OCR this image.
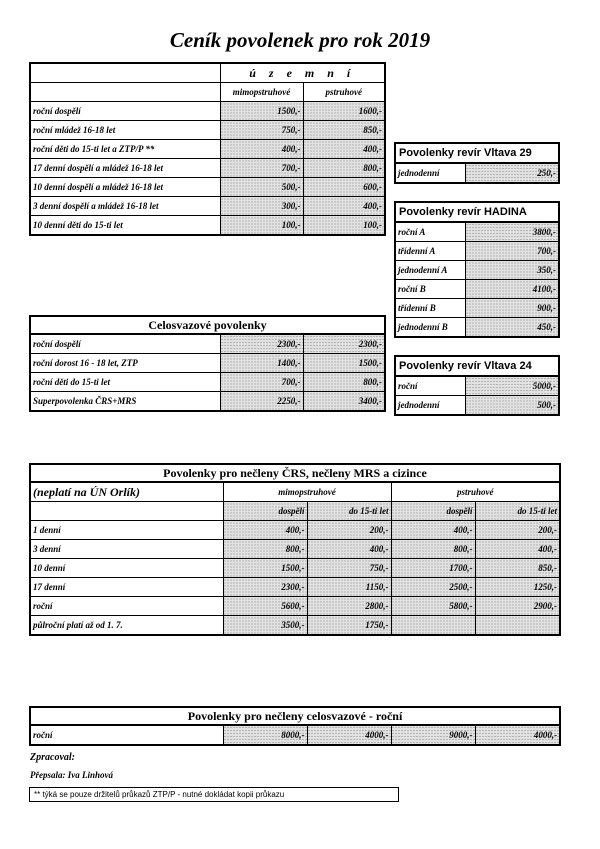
Ceník povolenek pro rok 2019
	ú z e m n í	
	mimopstruhové	pstruhové
roční dospělí	1500,-	1600,-
roční mládež 16-18 let	750,-	850,-
roční děti do 15-ti let a ZTP/P **	400,-	400,-
17 denní dospělí a mládež 16-18 let	700,-	800,-
10 denní dospělí a mládež 16-18 let	500,-	600,-
3 denní dospělí a mládež 16-18 let	300,-	400,-
10 denní děti do 15-ti let	100,-	100,-
Povolenky revír Vltava 29
jednodenní	250,-
Povolenky revír HADINA	
roční A	3800,-
třídenní A	700,-
jednodenní A	350,-
roční B	4100,-
třídenní B	900,-
jednodenní B	450,-
Celosvazové povolenky		
roční dospělí	2300,-	2300,-
roční dorost 16 - 18 let, ZTP	1400,-	1500,-
roční děti do 15-ti let	700,-	800,-
Superpovolenka ČRS+MRS	2250,-	3400,-
Povolenky revír Vltava 24	
roční	5000,-
jednodenní	500,-
Povolenky pro nečleny ČRS, nečleny MRS a cizince				
(neplatí na ÚN Orlík)	mimopstruhové		pstruhové	
	dospělí	do 15-ti let	dospělí	do 15-ti let
1 denní	400,-	200,-	400,-	200,-
3 denní	800,-	400,-	800,-	400,-
10 denní	1500,-	750,-	1700,-	850,-
17 denní	2300,-	1150,-	2500,-	1250,-
roční	5600,-	2800,-	5800,-	2900,-
půlroční platí až od 1. 7.	3500,-	1750,-		
Povolenky pro nečleny celosvazové - roční
roční	8000,-	4000,-	9000,-	4000,-
Zpracoval:
Přepsala: Iva Linhová
** týká se pouze držitelů průkazů ZTP/P - nutné dokládat kopii průkazu
